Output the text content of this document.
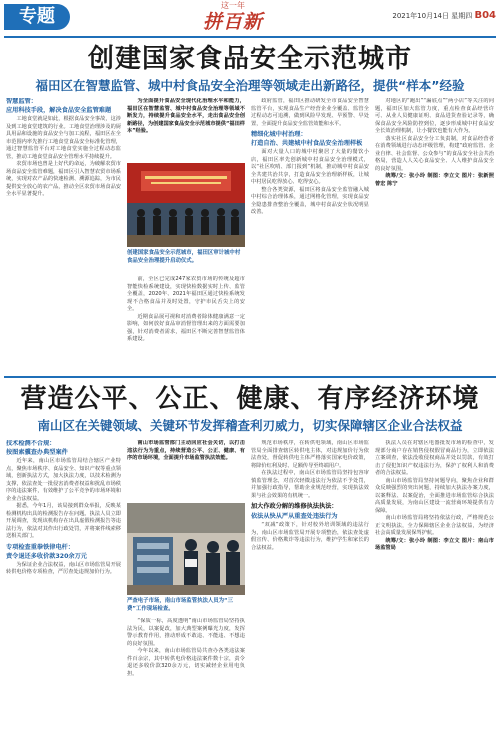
专题
这一年
拼百新	2021年10月14日 星期四 B04
创建国家食品安全示范城市
福田区在智慧监管、城中村食品安全治理等领域走出新路径，提供“样本”经验
智慧监管：
应用科技手段，解决食品安全监管难题
工地食堂就是如此，根据食品安全事故，这涉及到工地食堂建筑的行业。工地食堂治理涉及的厨具用品和设施的食品安全与加工流程，福田区在全市范围内率先推行工地食堂食品安全标准化管理，通过智慧监管平台对工地食堂实施全过程动态监管，推动工地食堂食品安全管理水平持续提升。
农贸市场也曾是上好代的命运，为破解农贸市场食品安全监管难题，福田区引入智慧农贸市场系统，实现对农产品的快速检测、溯源追踪，为市民提供安全放心的农产品，推动全区农贸市场食品安全水平显著提升。
为全面提升食品安全现代化治理水平和能力，福田区在智慧监管、城中村食品安全治理等领域不断发力，持续提升食品安全水平，走出食品安全创新路径，为创建国家食品安全示范城市提供“福田样本”经验。
创建国家食品安全示范城市，福田区审计城中村食品安全治理提升启动仪式。
前，全区已完成247家农贸市场的传统及超市智能快检系统建设，实现快检数据实时上传、监管全覆盖，2020年、2021年福田区通过快检系统发现不合格食品并及时处置，守护市民舌尖上的安全。
近期食品展可视和对消费者除体健康满意一定影响，如何放好食品审消督管理出来的方面需要加强，针对消费者需求，福田区不断完善智慧监管体系建设。
政府监管，福田区推动研发全市食品安全智慧监管平台，实现食品生产经营企业全覆盖、监管全过程动态可追溯，做到风险早发现、早预警、早处置，全面提升食品安全监管效能和水平。
精细化城中村治理：
打造自治、共建城中村食品安全治理样板
面对大量人口的城中村聚居了大量的餐饮小店，福田区率先创新城中村食品安全治理模式，以“社区吹哨、部门报到”机制，推动城中村食品安全共建共治共享，打造食品安全治理新样板，让城中村居民吃得放心、吃得安心。
整合各类资源，福田区将食品安全监管融入城中村综合治理体系，通过网格化管理，实现食品安全隐患排查整治全覆盖，城中村食品安全状况明显改善。
对地区的“跑出”“漏底点”“两小店”等关注的问题，福田区加大监管力度，重点检查食品经营许可、从业人员健康证明、食品进货查验记录等，确保食品安全风险防控到位，逐步形成城中村食品安全长效治理机制，让小餐饮也能有大作为。
落实社区食品安全分工负责制，对食品经营者在消费领域进行动态评级管理，构建“政府监管、企业自律、社会监督、公众参与”的食品安全社会共治格局，营造人人关心食品安全、人人维护食品安全的良好氛围。
统筹/文：张小玲 制图：李立文 图片：张新照 曾宏 陈宁
营造公平、公正、健康、有序经济环境
南山区在关键领域、关键环节发挥稽查利刃威力，切实保障辖区企业合法权益
技术检测不合规：
按图索骥查办典型案件
近年来，南山区市场监管局结合辖区产业特点，聚焦市场秩序、食品安全、知识产权等重点领域，创新执法方式，加大执法力度，以技术检测为支撑，依法查处一批侵害消费者权益和扰乱市场秩序的违法案件，有效维护了公平竞争的市场环境和企业合法权益。
据悉，今年1月，该局接到群众举报，反映某检测机构出具的检测报告存在问题。执法人员立即开展调查，发现该机构存在出具虚假检测报告等违法行为，依法对其作出行政处罚，并将案件线索移送相关部门。
专项检查重拳铁律电杆：
责令退还多收价款320余万元
为保证企业合法权益，南山区市场监管局开展转供电价格专项检查，严厉查处违规加价行为。
南山市场监管部门主动回应社会关切，以打击违法行为为重点，持续营造公平、公正、健康、有序的市场环境，全面提升市场监管执法效能。
严查电子市场，南山市场监管执法人员为“三费”工作现场检查。
“保质一标，高度透明”南山市场监管局坚持执法为民，以案促改，加大典型案例曝光力度，发挥警示教育作用，推动形成不敢违、不能违、不想违的良好氛围。
今年以来，南山市场监管局共查办各类违法案件百余宗，其中转供电价格违法案件数十宗，责令退还多收价款320余万元，切实减轻企业用电负担。
规范市场秩序，在转供电领域，南山区市场监管局全面排查辖区转供电主体，对违规加价行为依法查处，督促转供电主体严格落实国家电价政策，将降价红利及时、足额传导至终端用户。
在执法过程中，南山区市场监管局坚持包容审慎监管理念，对首次轻微违法行为依法不予处罚，并加强行政指导，帮助企业规范经营，实现执法效果与社会效果的有机统一。
加大作政分解的维修执法执法：
依法从快从严从重查处违法行为
“双减”政策下，针对校外培训领域的违法行为，南山区市场监管局开展专项整治，依法查处虚假宣传、价格欺诈等违法行为，维护学生和家长的合法权益。
执法人员在对辖区电器批发市场的检查中，发现部分商户存在销售侵权假冒商品行为，立即依法立案调查，依法没收侵权商品并处以罚款，有效打击了侵犯知识产权违法行为，保护了权利人和消费者的合法权益。
南山市场监管局坚持问题导向，聚焦企业和群众反映强烈的突出问题，持续加大执法办案力度，以案释法、以案促治，全面推进市场监管综合执法高质量发展，为南山区建设一流营商环境提供有力保障。
南山市场监管局将坚持依法行政，严格规范公正文明执法，全力保障辖区企业合法权益，为经济社会高质量发展保驾护航。
统筹/文：张小玲 制图：李立文 图片：南山市场监管局
